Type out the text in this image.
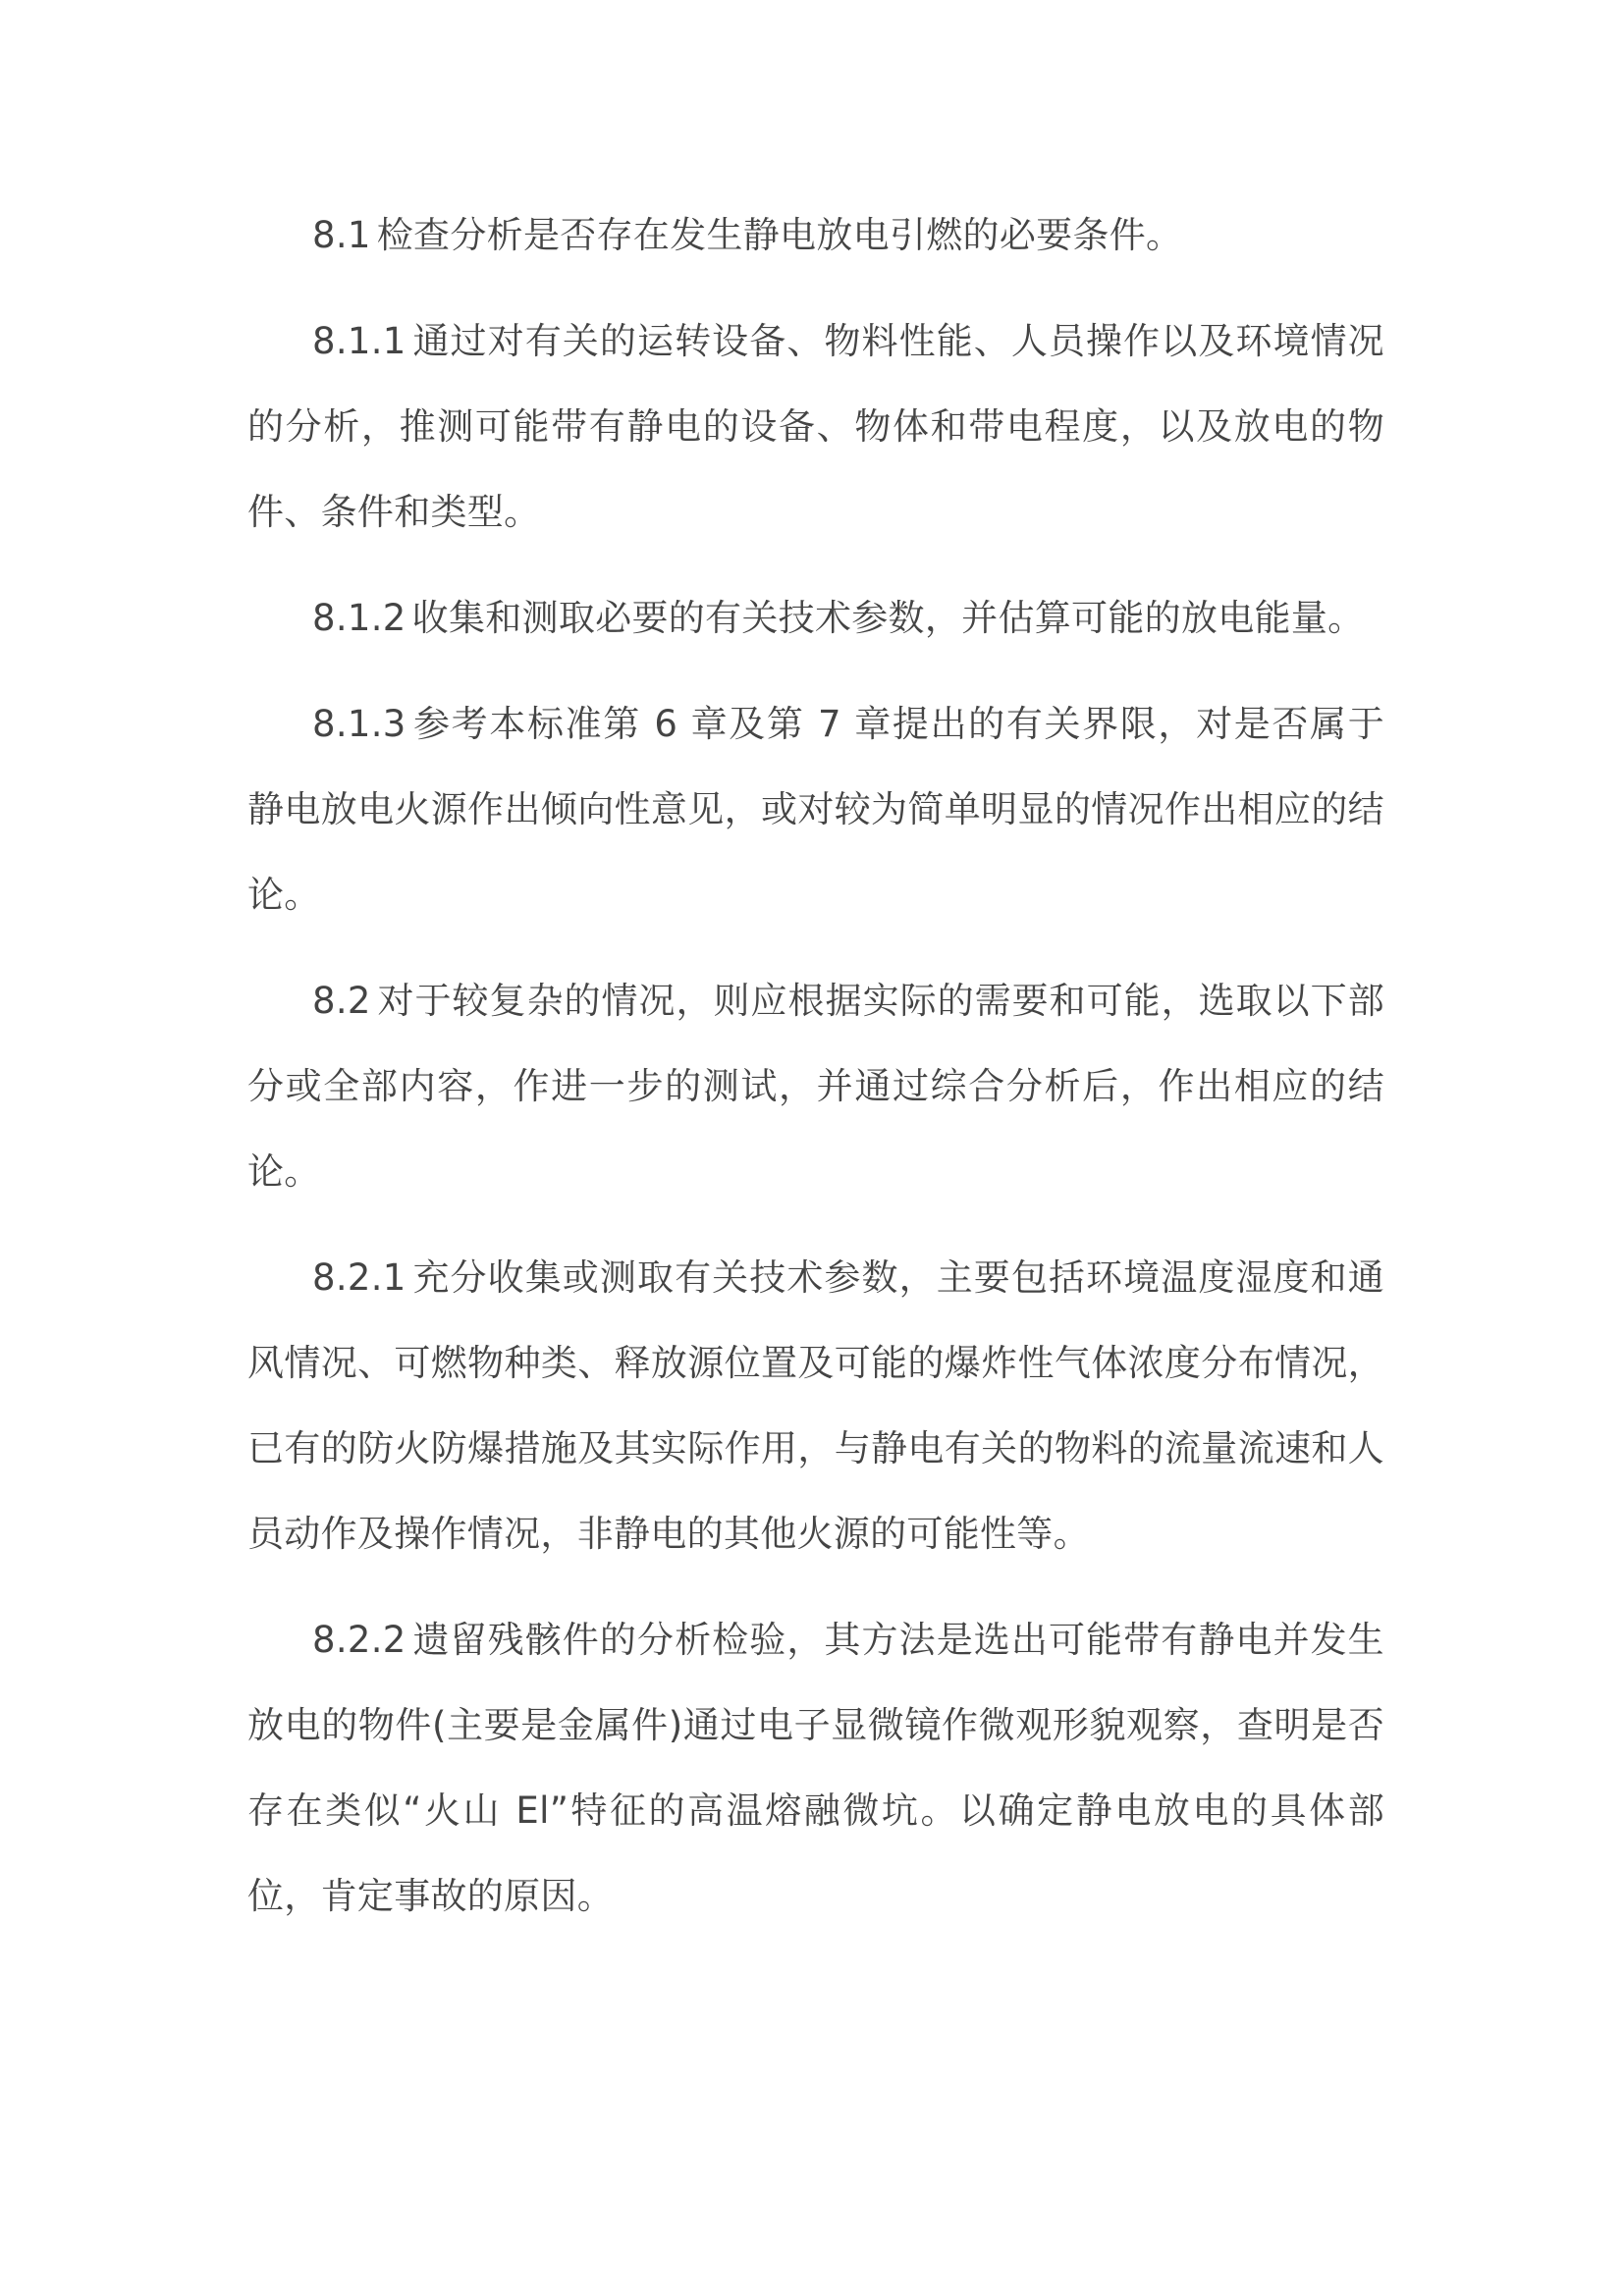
8.1 检查分析是否存在发生静电放电引燃的必要条件。

8.1.1 通过对有关的运转设备、物料性能、人员操作以及环境情况的分析，推测可能带有静电的设备、物体和带电程度，以及放电的物件、条件和类型。

8.1.2 收集和测取必要的有关技术参数，并估算可能的放电能量。

8.1.3 参考本标准第 6 章及第 7 章提出的有关界限，对是否属于静电放电火源作出倾向性意见，或对较为简单明显的情况作出相应的结论。

8.2 对于较复杂的情况，则应根据实际的需要和可能，选取以下部分或全部内容，作进一步的测试，并通过综合分析后，作出相应的结论。

8.2.1 充分收集或测取有关技术参数，主要包括环境温度湿度和通风情况、可燃物种类、释放源位置及可能的爆炸性气体浓度分布情况，已有的防火防爆措施及其实际作用，与静电有关的物料的流量流速和人员动作及操作情况，非静电的其他火源的可能性等。

8.2.2 遗留残骸件的分析检验，其方法是选出可能带有静电并发生放电的物件(主要是金属件)通过电子显微镜作微观形貌观察，查明是否存在类似“火山 El”特征的高温熔融微坑。以确定静电放电的具体部位，肯定事故的原因。
